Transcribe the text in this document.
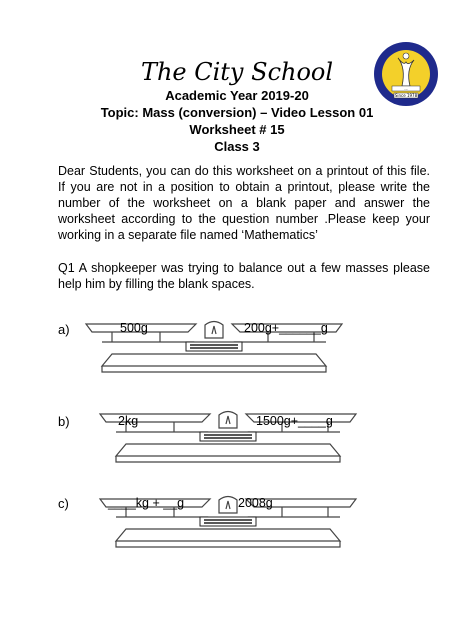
The City School
Academic Year 2019-20
Topic: Mass (conversion) – Video Lesson 01
Worksheet # 15
Class 3
...
Since 1978
Dear Students, you can do this worksheet on a printout of this file. If you are not in a position to obtain a printout, please write the number of the worksheet on a blank paper and answer the worksheet according to the question number .Please keep your working in a separate file named ‘Mathematics’
Q1 A shopkeeper was trying to balance out a few masses please help him by filling the blank spaces.
a)	500g	200g+______g
b)	2kg	1500g+____g
c)	____kg + __g	2008g
